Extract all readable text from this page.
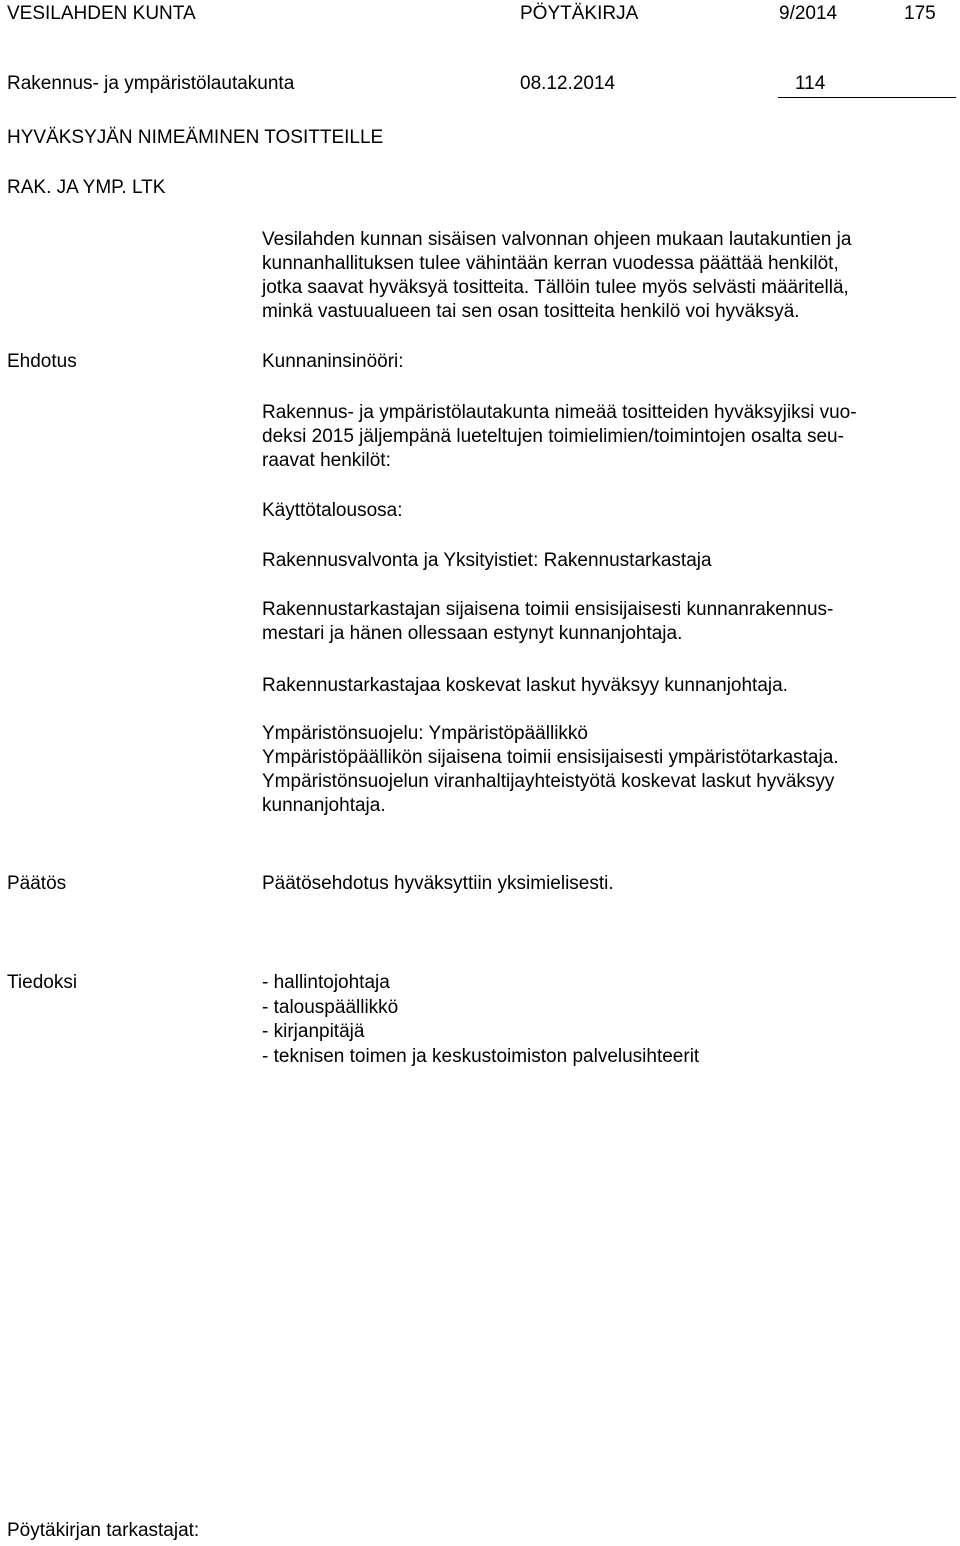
VESILAHDEN KUNTA	PÖYTÄKIRJA	9/2014	175
Rakennus- ja ympäristölautakunta	08.12.2014	114
HYVÄKSYJÄN NIMEÄMINEN TOSITTEILLE
RAK. JA YMP. LTK

Vesilahden kunnan sisäisen valvonnan ohjeen mukaan lautakuntien ja

kunnanhallituksen tulee vähintään kerran vuodessa päättää henkilöt,

jotka saavat hyväksyä tositteita. Tällöin tulee myös selvästi määritellä,

minkä vastuualueen tai sen osan tositteita henkilö voi hyväksyä.

Ehdotus	Kunnaninsinööri:

Rakennus- ja ympäristölautakunta nimeää tositteiden hyväksyjiksi vuo-

deksi 2015 jäljempänä lueteltujen toimielimien/toimintojen osalta seu-

raavat henkilöt:

Käyttötalousosa:
Rakennusvalvonta ja Yksityistiet: Rakennustarkastaja

Rakennustarkastajan sijaisena toimii ensisijaisesti kunnanrakennus-

mestari ja hänen ollessaan estynyt kunnanjohtaja.

Rakennustarkastajaa koskevat laskut hyväksyy kunnanjohtaja.

Ympäristönsuojelu: Ympäristöpäällikkö

Ympäristöpäällikön sijaisena toimii ensisijaisesti ympäristötarkastaja.

Ympäristönsuojelun viranhaltijayhteistyötä koskevat laskut hyväksyy

kunnanjohtaja.

Päätös	Päätösehdotus hyväksyttiin yksimielisesti.
Tiedoksi	- hallintojohtaja
- talouspäällikkö
- kirjanpitäjä
- teknisen toimen ja keskustoimiston palvelusihteerit
Pöytäkirjan tarkastajat:
